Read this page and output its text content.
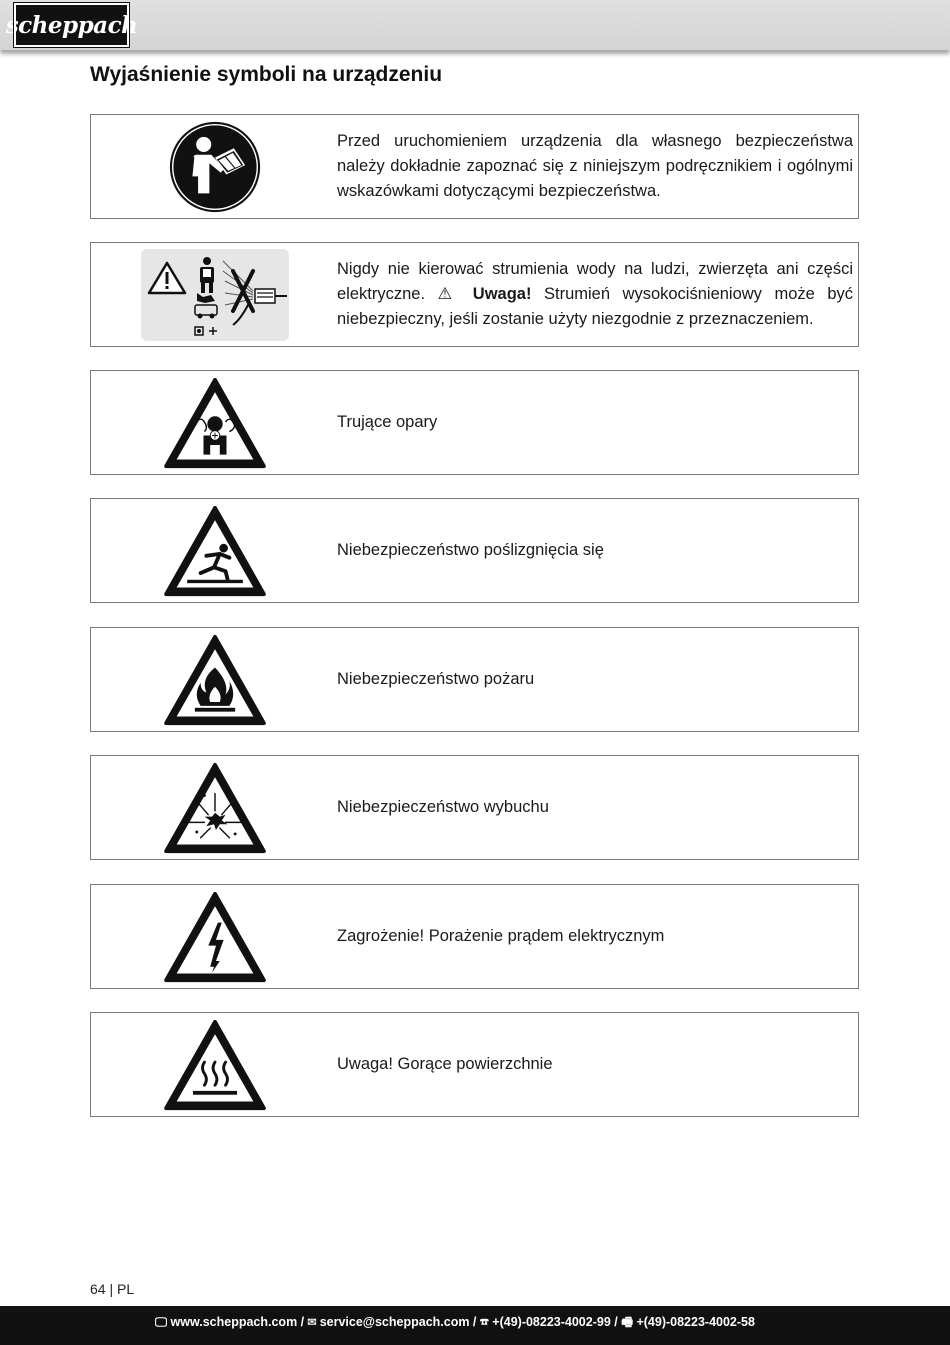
scheppach
Wyjaśnienie symboli na urządzeniu

Przed uruchomieniem urządzenia dla własnego bezpieczeństwa należy dokładnie zapoznać się z niniejszym podręcznikiem i ogólnymi wskazówkami dotyczącymi bezpieczeństwa.

Nigdy nie kierować strumienia wody na ludzi, zwierzęta ani części elektryczne. ⚠ Uwaga! Strumień wysokociśnieniowy może być niebezpieczny, jeśli zostanie użyty niezgodnie z przeznaczeniem.

Trujące opary

Niebezpieczeństwo poślizgnięcia się

Niebezpieczeństwo pożaru

Niebezpieczeństwo wybuchu

Zagrożenie! Porażenie prądem elektrycznym

Uwaga! Gorące powierzchnie

64 | PL
🖵 www.scheppach.com / ✉ service@scheppach.com / ☎ +(49)-08223-4002-99 / 🖷 +(49)-08223-4002-58
